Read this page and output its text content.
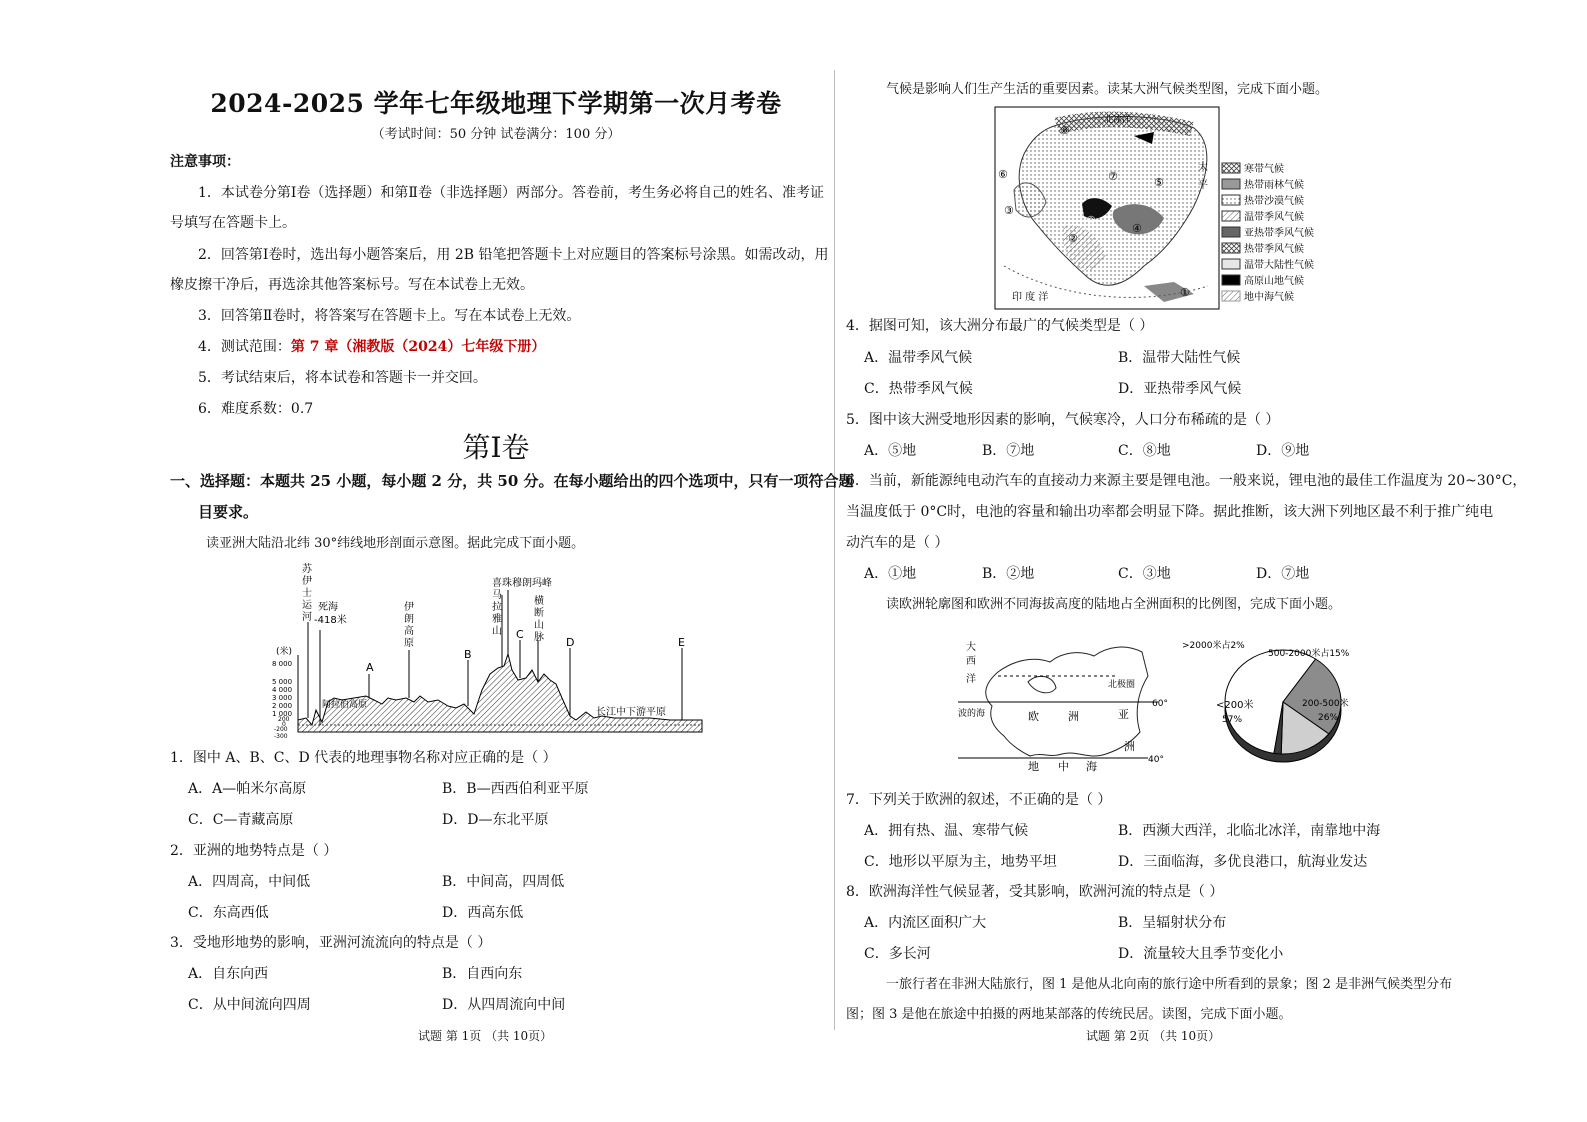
2024-2025 学年七年级地理下学期第一次月考卷
（考试时间：50 分钟 试卷满分：100 分）
注意事项：
1．本试卷分第Ⅰ卷（选择题）和第Ⅱ卷（非选择题）两部分。答卷前，考生务必将自己的姓名、准考证
号填写在答题卡上。
2．回答第Ⅰ卷时，选出每小题答案后，用 2B 铅笔把答题卡上对应题目的答案标号涂黑。如需改动，用
橡皮擦干净后，再选涂其他答案标号。写在本试卷上无效。
3．回答第Ⅱ卷时，将答案写在答题卡上。写在本试卷上无效。
4．测试范围：第 7 章（湘教版（2024）七年级下册）
5．考试结束后，将本试卷和答题卡一并交回。
6．难度系数：0.7
第Ⅰ卷
一、选择题：本题共 25 小题，每小题 2 分，共 50 分。在每小题给出的四个选项中，只有一项符合题
目要求。
读亚洲大陆沿北纬 30°纬线地形剖面示意图。据此完成下面小题。
(米)
8 000
5 000
4 000
3 000
2 000
1 000
200
0
-200
-300
苏
伊
士
运
河
死海
-418米
伊
朗
高
原
马
拉
雅
山
喜珠穆朗玛峰
横
断
山
脉
A
B
C
D	E
阿拉伯高原
长江中下游平原
1．图中 A、B、C、D 代表的地理事物名称对应正确的是（ ）
A．A—帕米尔高原	B．B—西西伯利亚平原
C．C—青藏高原	D．D—东北平原
2．亚洲的地势特点是（ ）
A．四周高，中间低	B．中间高，四周低
C．东高西低	D．西高东低
3．受地形地势的影响，亚洲河流流向的特点是（ ）
A．自东向西	B．自西向东
C．从中间流向四周	D．从四周流向中间
试题 第 1页 （共 10页）
气候是影响人们生产生活的重要因素。读某大洲气候类型图，完成下面小题。
①
②
③
④
⑤
⑥	⑦
⑧
⑨
北冰洋
印 度 洋
太
平
寒带气候
热带雨林气候
热带沙漠气候
温带季风气候
亚热带季风气候
热带季风气候
温带大陆性气候
高原山地气候
地中海气候
4．据图可知，该大洲分布最广的气候类型是（ ）
A．温带季风气候	B．温带大陆性气候
C．热带季风气候	D．亚热带季风气候
5．图中该大洲受地形因素的影响，气候寒冷，人口分布稀疏的是（ ）
A．⑤地	B．⑦地	C．⑧地	D．⑨地
6．当前，新能源纯电动汽车的直接动力来源主要是锂电池。一般来说，锂电池的最佳工作温度为 20~30°C，
当温度低于 0°C时，电池的容量和输出功率都会明显下降。据此推断，该大洲下列地区最不利于推广纯电
动汽车的是（ ）
A．①地	B．②地	C．③地	D．⑦地
读欧洲轮廓图和欧洲不同海拔高度的陆地占全洲面积的比例图，完成下面小题。
大
西
洋	北极圈
60°
40°
波的海	欧	洲	亚
洲
地 中 海
>2000米占2%
500-2000米占15%
200-500米
26%
<200米
57%
7．下列关于欧洲的叙述，不正确的是（ ）
A．拥有热、温、寒带气候	B．西濒大西洋，北临北冰洋，南靠地中海
C．地形以平原为主，地势平坦	D．三面临海，多优良港口，航海业发达
8．欧洲海洋性气候显著，受其影响，欧洲河流的特点是（ ）
A．内流区面积广大	B．呈辐射状分布
C．多长河	D．流量较大且季节变化小
一旅行者在非洲大陆旅行，图 1 是他从北向南的旅行途中所看到的景象；图 2 是非洲气候类型分布
图；图 3 是他在旅途中拍摄的两地某部落的传统民居。读图，完成下面小题。
试题 第 2页 （共 10页）
